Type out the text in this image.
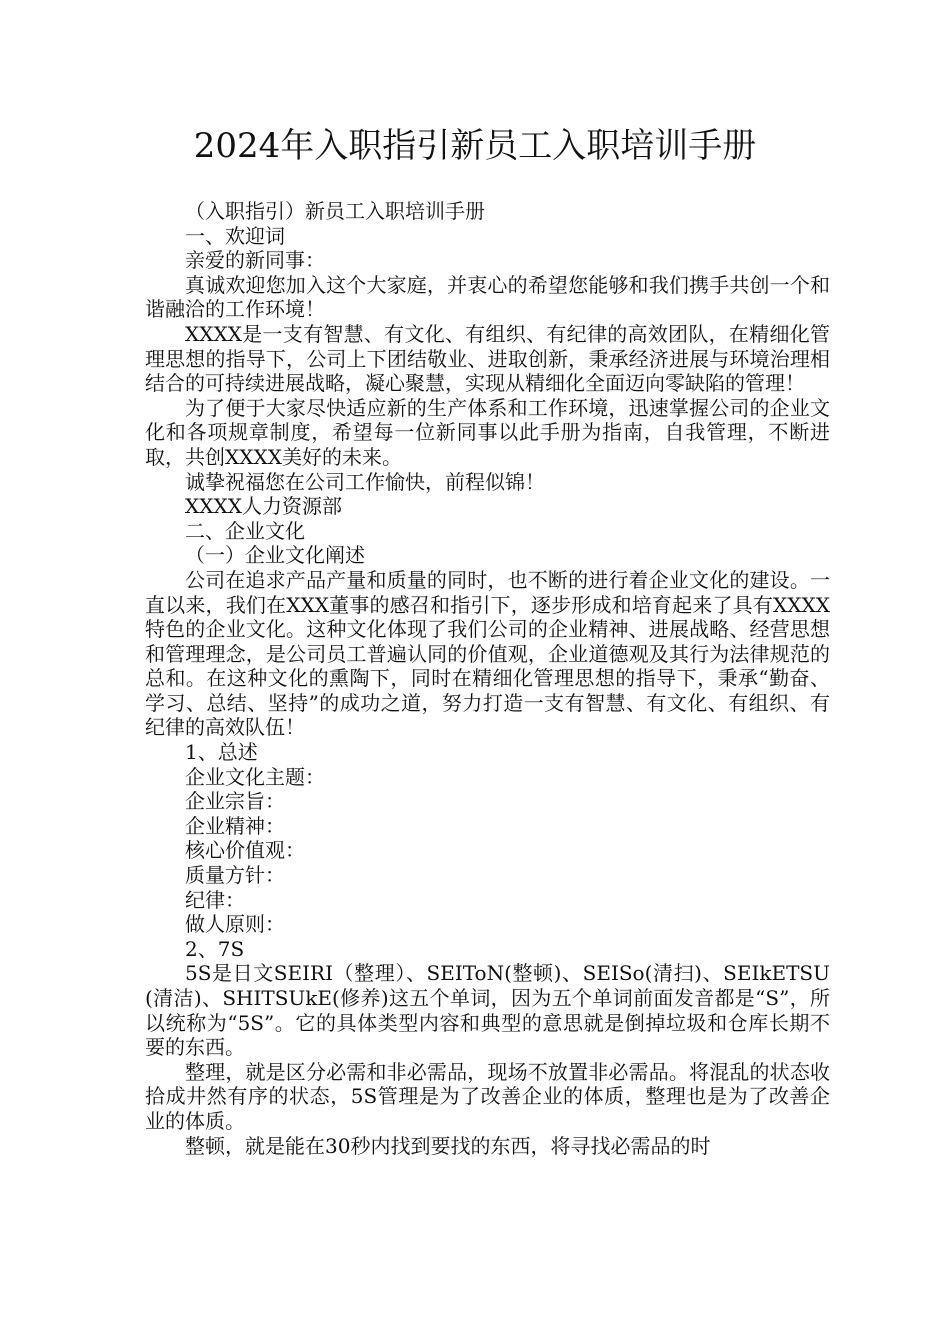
2024年入职指引新员工入职培训手册

（入职指引）新员工入职培训手册

一、欢迎词

亲爱的新同事：

真诚欢迎您加入这个大家庭，并衷心的希望您能够和我们携手共创一个和谐融洽的工作环境！

XXXX是一支有智慧、有文化、有组织、有纪律的高效团队，在精细化管理思想的指导下，公司上下团结敬业、进取创新，秉承经济进展与环境治理相结合的可持续进展战略，凝心聚慧，实现从精细化全面迈向零缺陷的管理！

为了便于大家尽快适应新的生产体系和工作环境，迅速掌握公司的企业文化和各项规章制度，希望每一位新同事以此手册为指南，自我管理，不断进取，共创XXXX美好的未来。

诚挚祝福您在公司工作愉快，前程似锦！

XXXX人力资源部

二、企业文化

（一）企业文化阐述

公司在追求产品产量和质量的同时，也不断的进行着企业文化的建设。一直以来，我们在XXX董事的感召和指引下，逐步形成和培育起来了具有XXXX特色的企业文化。这种文化体现了我们公司的企业精神、进展战略、经营思想和管理理念，是公司员工普遍认同的价值观，企业道德观及其行为法律规范的总和。在这种文化的熏陶下，同时在精细化管理思想的指导下，秉承“勤奋、学习、总结、坚持”的成功之道，努力打造一支有智慧、有文化、有组织、有纪律的高效队伍！

1、总述

企业文化主题：

企业宗旨：

企业精神：

核心价值观：

质量方针：

纪律：

做人原则：

2、7S

5S是日文SEIRI（整理）、SEIToN(整顿)、SEISo(清扫)、SEIkETSU(清洁)、SHITSUkE(修养)这五个单词，因为五个单词前面发音都是“S”，所以统称为“5S”。它的具体类型内容和典型的意思就是倒掉垃圾和仓库长期不要的东西。

整理，就是区分必需和非必需品，现场不放置非必需品。将混乱的状态收拾成井然有序的状态，5S管理是为了改善企业的体质，整理也是为了改善企业的体质。

整顿，就是能在30秒内找到要找的东西，将寻找必需品的时
